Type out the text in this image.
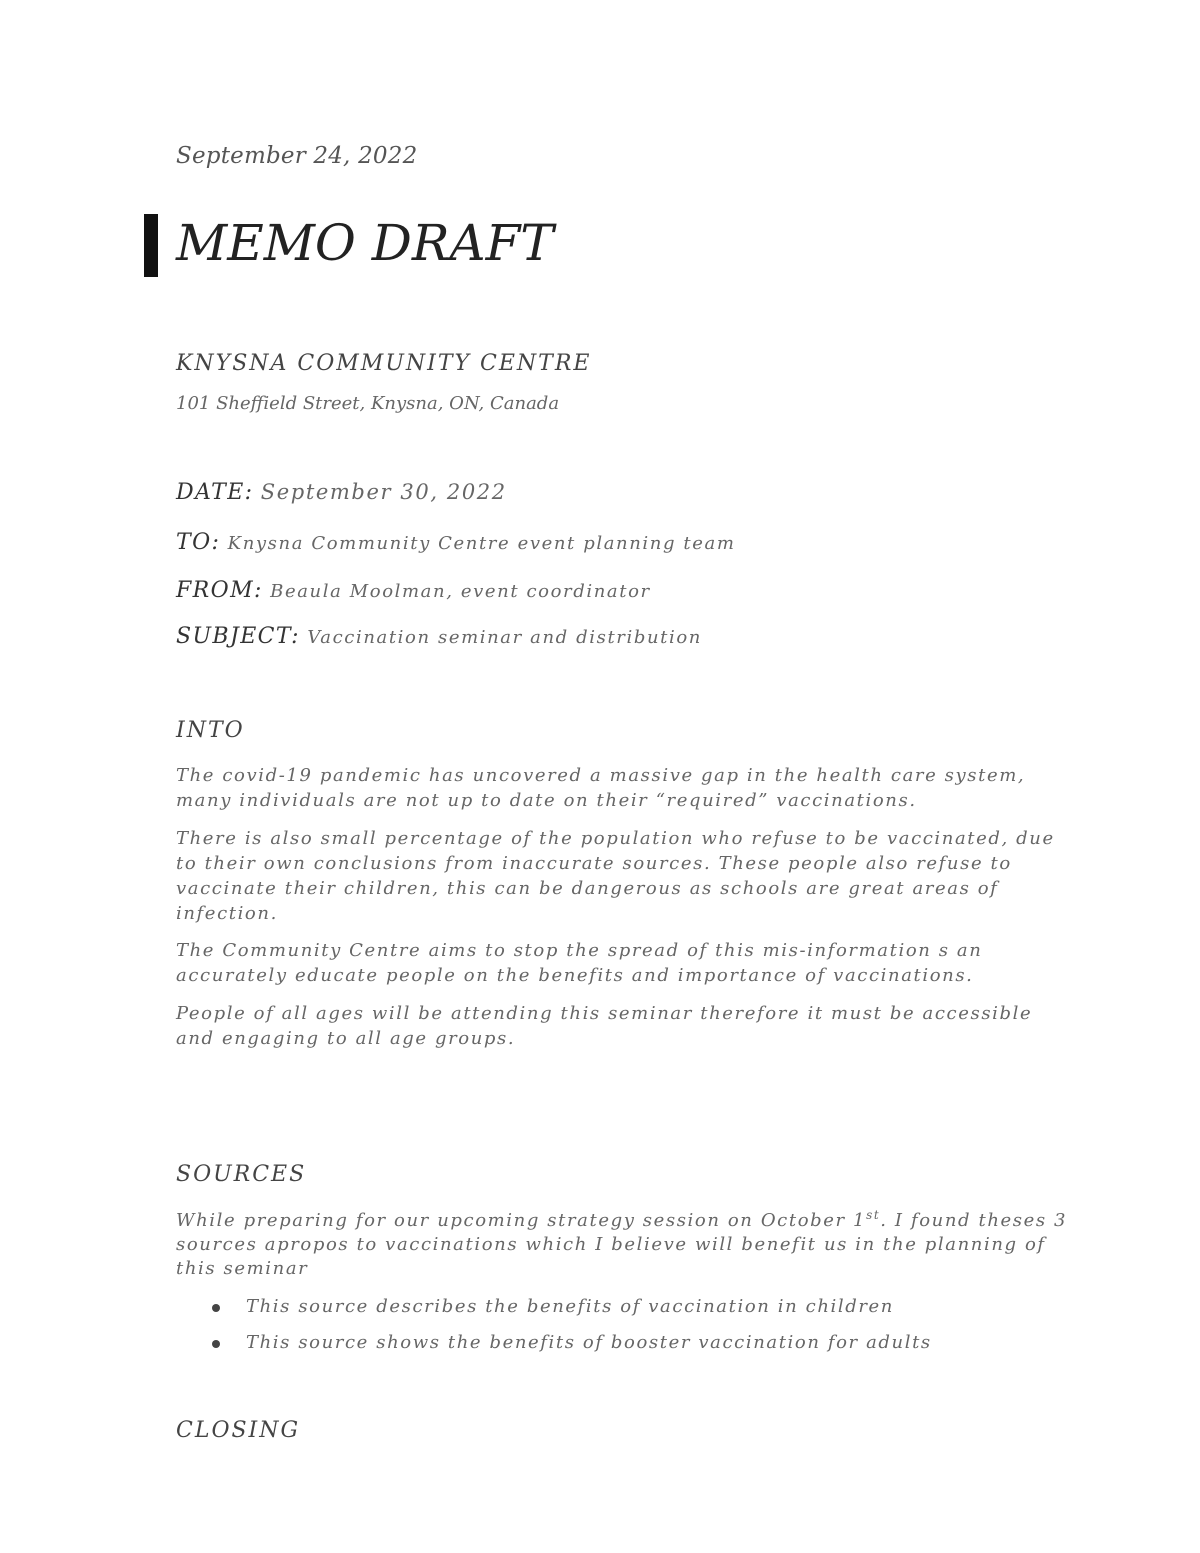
September 24, 2022
MEMO DRAFT
KNYSNA COMMUNITY CENTRE
101 Sheffield Street, Knysna, ON, Canada
DATE: September 30, 2022
TO: Knysna Community Centre event planning team
FROM: Beaula Moolman, event coordinator
SUBJECT: Vaccination seminar and distribution
INTO
The covid-19 pandemic has uncovered a massive gap in the health care system,
many individuals are not up to date on their “required” vaccinations.
There is also small percentage of the population who refuse to be vaccinated, due
to their own conclusions from inaccurate sources. These people also refuse to
vaccinate their children, this can be dangerous as schools are great areas of
infection.
The Community Centre aims to stop the spread of this mis-information s an
accurately educate people on the benefits and importance of vaccinations.
People of all ages will be attending this seminar therefore it must be accessible
and engaging to all age groups.
SOURCES
While preparing for our upcoming strategy session on October 1st. I found theses 3
sources apropos to vaccinations which I believe will benefit us in the planning of
this seminar
This source describes the benefits of vaccination in children
This source shows the benefits of booster vaccination for adults
CLOSING
